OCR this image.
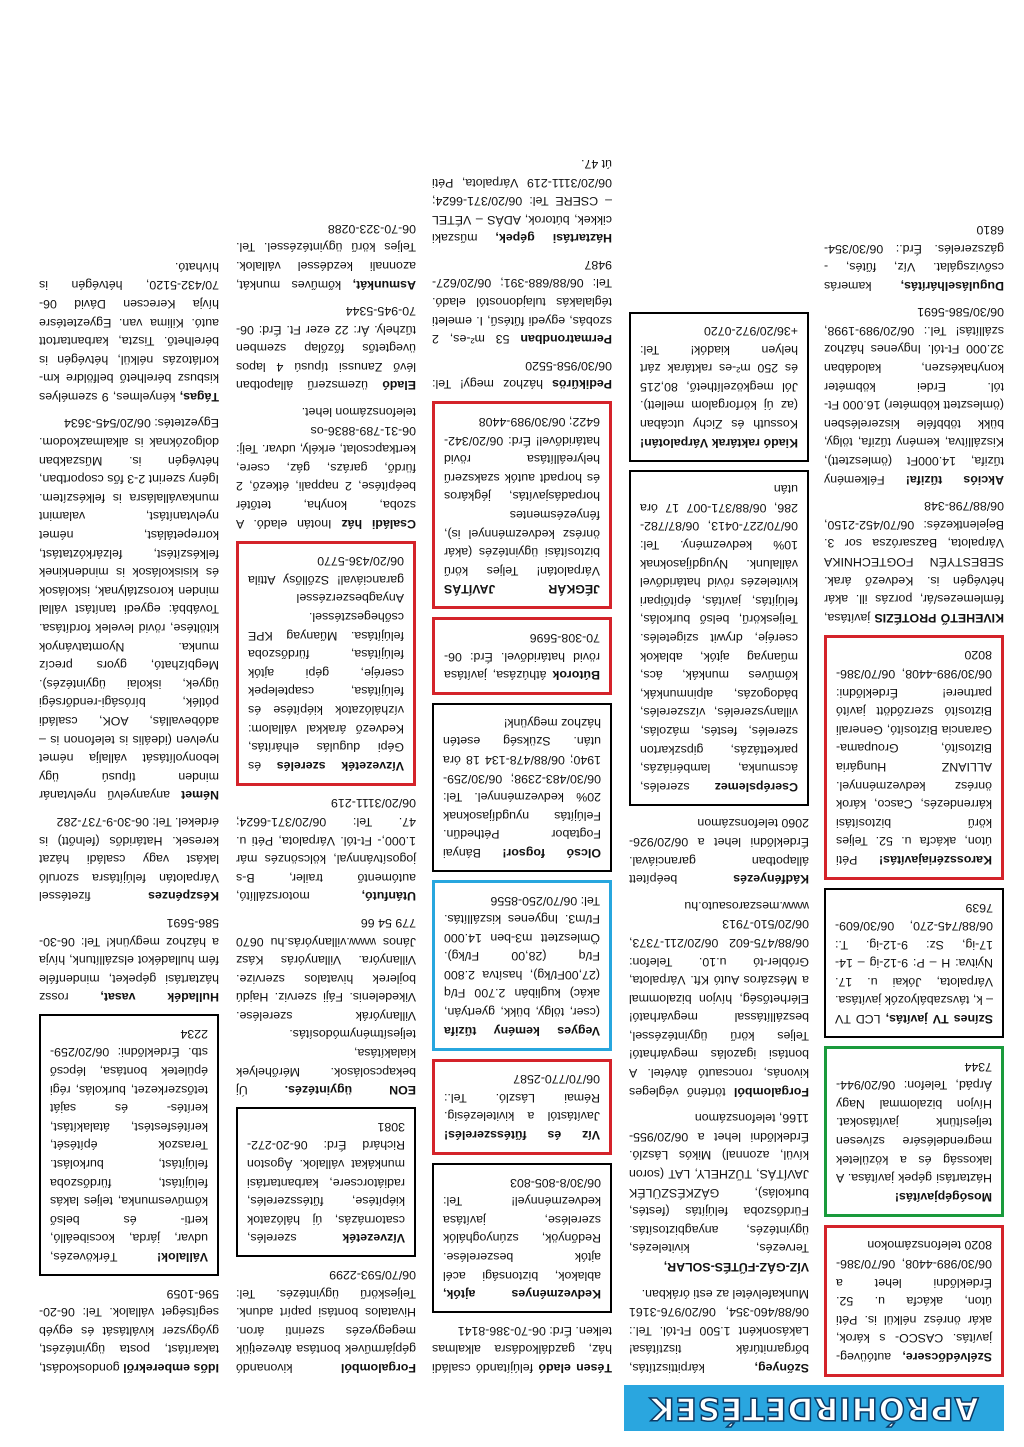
APRÓHIRDETÉSEK
Szélvédőcsere, autóüveg-javítás. CASCO- s károk, akár önrész nélkül is. Péti úton, akácfa u. 52. Érdeklődni lehet a 06/30/989-4408, 06/70/386-8020 telefonszámokon
Mosógépjavítás! Háztartási gépek javítása. A lakosság és a közületek megrendelésére szívesen teljesítünk javításokat. Hívjon bizalommal Nagy Árpád, Telefon: 06/20/944-7344
Színes TV javítás, LCD TV – k, távszabályozók javítása. Várpalota, Jókai u. 17. Nyitva: H – P: 9-12-ig – 14-17-ig, Sz: 9-12-ig. T.: 06/88/745-270, 06/30/609-7639
Karosszériajavítás! Péti úton, akácfa u. 52. Teljes körű biztosítási kárrendezés, Casco, károk önrész kedvezménnyel. ALLIANZ Hungária Biztosító, Groupama-Garancia Biztosító, Generali Biztosító szerződött javító partnere! Érdeklődni: 06/30/989-4408, 06/70/386-8020
KIVEHETŐ PROTÉZIS javítása, fémlemezes/ár, porzás ill. akár hétvégén is. Kedvező árak. SEBESTYÉN FOGTECHNIKA Várpalota, Bazsarózsa sor 3. Bejelentkezés: 06/70/452-2150, 06/88/798-348
Akciós tűzifa! Félkemény tűzifa, 14.000Ft (ömlesztett), Kiszállítva, kemény tűzifa, tölgy, bükk többféle kiszerelésben (ömlesztett köbméter) 16.000 Ft-tól. Erdei köbméter konyhakészen, kalodában 32.000 Ft-tól. Ingyenes házhoz szállítás! Tel.: 06/20/989-1998, 06/30/586-5691
Duguláselhárítás, kamerás csővizsgálat. Víz, fűtés, - gázszerelés. Érd.: 06/30/354-6810
Szőnyeg, kárpittisztítás, bőrgarnitúrák tisztítása! Lakásonként 1.500 Ft-tól. Tel.: 06/88/460-354, 06/20/976-3161 Munkafelvétel az esti órákban.
VÍZ-GÁZ-FŰTÉS-SOLAR, Tervezés, kivitelezés, ügyintézés, anyagbiztosítás. Fürdőszoba felújítás (festés, burkolás), GÁZKÉSZÜLÉK JAVÍTÁS, TŰZHELY, LAT (soron kívül, azonnal) Mikós László. Érdeklődni lehet a 06/20/955-1166, telefonszámon
Forgalomból történő végleges kivonás, roncsautó átvétel. A bontási igazolás megvárható! Teljes körű ügyintézéssel, beszállítással megvárható! Elérhetőség, hívjon bizalommal a Mészáros Autó Kft. Várpalota, Gróbler-tó u.10. Telefon: 06/88/475-602 06/20/211-7373, 06/20/510-7913 www.meszarosauto.hu
Kádfényezés beépített állapotban garanciával. Érdeklődni lehet a 06/20/926-2060 telefonszámon
Cserépslemez szerelés, ácsmunka, lambériázás, parkettázás, gipszkarton szerelés, festés, mázolás, villanyszerelés, vízszerelés, bádogozás, alpinmunkák, kőműves munkák, ács, műanyag ajtók, ablakok cseréje, drywit szigetelés. Teljeskörű, belső burkolás, felújítás, javítás, építőipari kivitelezés rövid határidővel vállalunk. Nyugdíjasoknak 10% kedvezmény. Tel: 06/70/227-0413, 06/87/782-286, 06/88/371-007 17 óra után
Kiadó raktárak Várpalotán! Kossuth és Zichy utcában (az új körforgalom mellett). Jól megközelíthető, 80,215 és 250 m²-es raktárak zárt helyen kiadók! Tel: +36/20/972-0720
Tésen eladó felújítandó családi ház, gazdálkodásra alkalmas telken. Érd: 06-70-386-8141
Kedvezményes ajtók, ablakok, biztonsági acél ajtók beszerelése. Redőnyök, szúnyoghálók szerelése, javítása kedvezménnyel! Tel: 06/30/8-805-803
Víz és fűtésszerelés! Javítástól a kivitelezésig. Rémai László. Tel.: 06/70/770-2587
Vegyes kemény tűzifa (cser, tölgy, bükk, gyertyán, akác) kuglibán 2.700 Ft/q (27,00Ft/kg), hasítva 2.800 Ft/q (28,00 Ft/kg). Ömlesztett m3-ben 14.000 Ft/m3. Ingyenes kiszállítás. Tel: 06/70/250-8556
Olcsó fogsor! Bányai Fogtabor Péthedűn. Felújítás nyugdíjasoknak 20% kedvezménnyel. Tel: 06/30/483-2398; 06/30/259-1940; 06/88/478-134 18 óra után. Szükség esetén házhoz megyünk!
Bútorok áthúzása, javítása rövid határidővel. Érd: 06-70-308-5696
JÉGKÁR JAVÍTÁS Várpalotán! Teljes körű biztosítási ügyintézés (akár önrész kedvezménnyel is), fényezésmentes horpadásjavítás, jégkáros és horpadt autók szakszerű helyreállítása rövid határidővel! Érd: 06/20/342-6422; 06/30/989-4408
Pedikűrös házhoz megy! Tel: 06/30/958-5520
Permatrondban 53 m²-es, 2 szobás, egyedi fűtésű, I. emeleti téglalakás tulajdonostól eladó. Tel: 06/88/688-391; 06/20/627-9487
Háztartási gépek, műszaki cikkek, bútorok, ADÁS – VÉTEL – CSERE Tel: 06/20/371-6624; 06/20/3111-219 Várpalota, Péti út 47.
Forgalomból kivonandó gépjárművek bontása átvezetjük megegyezés szerinti áron. Hivatalos bontási papírt adunk. Teljeskörű ügyintézés. Tel: 06/70/593-2299
Vízvezeték szerelés, csatornázás, új hálózatok kiépítése, fűtésszerelés, radiátorcsere, karbantartási munkákat vállalok. Ágoston Richárd Érd: 06-20-272-3081
EON ügyintézés. Új bekapcsolások. Mérőhelyek kialakítása, teljesítménymódosítás. Villanyórák szerelése. Vikedelenis. Fáji szerviz. Hajdú bojlerek hivatalos szervize. Villanyóra. Villanyórás Kász János www.villanyórás.hu 0670 779 54 66
Utánfutó, motorszállító, autómentő trailer, B-s jogosítvánnyal, kölcsönzés már 1.000,- Ft-tól. Várpalota, Péti u. 47. Tel: 06/20/371-6624; 06/20/3111-219
Vízvezeték szerelés és Gépi dugulás elhárítás, Kedvező árakkal vállalom: vízhálózatok kiépítése és felújítása, csaptelepek cseréje, gépi ajtók felújítása, fürdőszoba felújítása. Műanyag KPE csőhegesztéssel. Anyagbeszerzéssel garanciával! Szőllősy Attila 06/20/436-5770
Családi ház Inotán eladó. A szoba, konyha, tetőtér beépítése, 2 nappali, étkező, 2 fürdő, garázs, gáz, csere, kertkapcsolat, erkély, udvar. Telj: 06-31-789-8836-os telefonszámon lehet.
Eladó üzemszerű állapotban lévő Zanussi típusú 4 lapos üvegtetős főzőlap szemben tűzhely. Ár: 22 ezer Ft. Érd: 06-70-945-5344
Asmunkát, kőműves munkát, azonnali kezdéssel vállalok. Teljes körű ügyintézéssel. Tel. 06-70-323-0288
Idős emberekről gondoskodást, takarítást, posta ügyintézést, gyógyszer kiváltását és egyéb segítséget vállalok. Tel: 06-20-596-1059
Vállalok! Térkövezés, udvar, járda, kocsibeálló, kerti- és belső kőművesmunka, teljes lakás felújítást, fürdőszoba felújítást, burkolást. Teraszok építését, kerítésfestést, átalakítást, kerítés- és saját tetőszerkezet, burkolás, régi épületek bontása, lépcső stb. Érdeklődni: 06/20/259-2234
Hulladék vasat, rossz háztartási gépeket, mindenféle fém hulladékot elszállítunk, hívja a házhoz megyünk! Tel: 06-30-586-5691
Készpénzes fizetéssel Várpalotán felújításra szoruló lakást vagy családi házat keresek. Határidős (felnőtt) is érdekel. Tel: 06-30-9-737-282
Német anyanyelvű nyelvtanár minden típusú ügy lebonyolítását vállalja német nyelven (ideális is telefonon is – adóbevallás, AOK, családi pótlék, bírósági-rendőrségi ügyek, iskolai ügyintézés). Megbízható, gyors precíz munka. Nyomtatványok kitöltése, rövid levelek fordítása. Továbbá: egyedi tanítást vállal minden korosztálynak, iskolások és kisiskolások is mindenkinek felkészítést, felzárkóztatást, korrepetálást, német nyelvtanítást, valamint munkavállalásra is felkészítem. Igény szerint 2-3 fős csoportban, hétvégén is. Műszakban dolgozóknak is alkalmazkodom. Egyeztetés: 06/20/545-3634
Tágas, kényelmes, 9 személyes kisbusz bérelhető belföldre km-korlátozás nélkül, hétvégén is bérelhető. Tiszta, karbantartott autó. Kilima van. Egyeztetésre hívja Kerecsen Dávid 06-70/432-5120, hétvégén is hívható.
